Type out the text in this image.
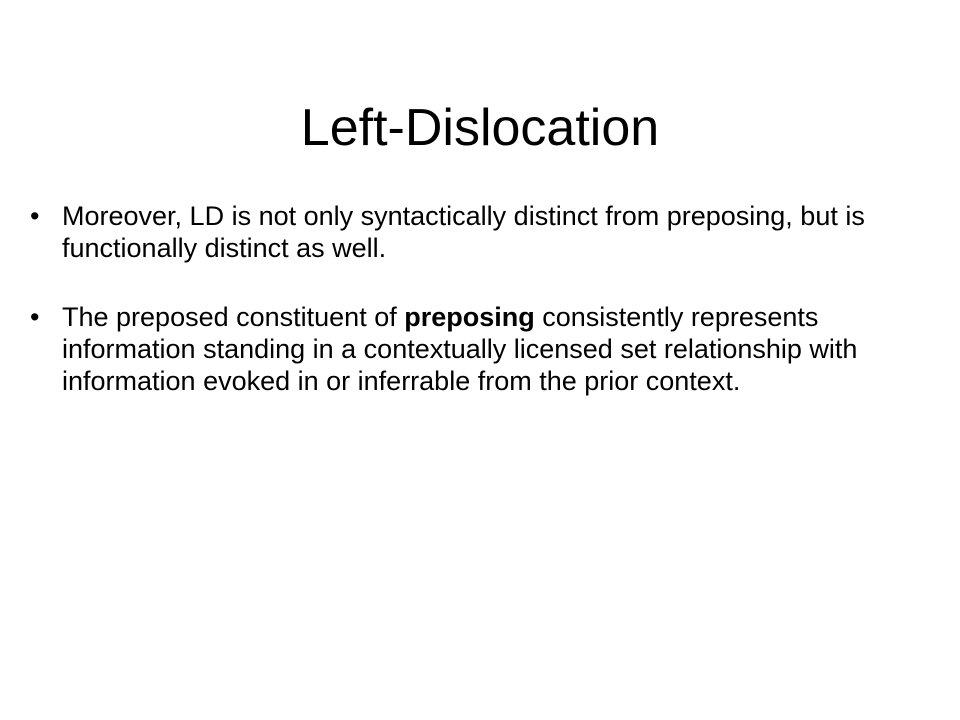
Left-Dislocation
• Moreover, LD is not only syntactically distinct from preposing, but is functionally distinct as well.
• The preposed constituent of preposing consistently represents information standing in a contextually licensed set relationship with information evoked in or inferrable from the prior context.
